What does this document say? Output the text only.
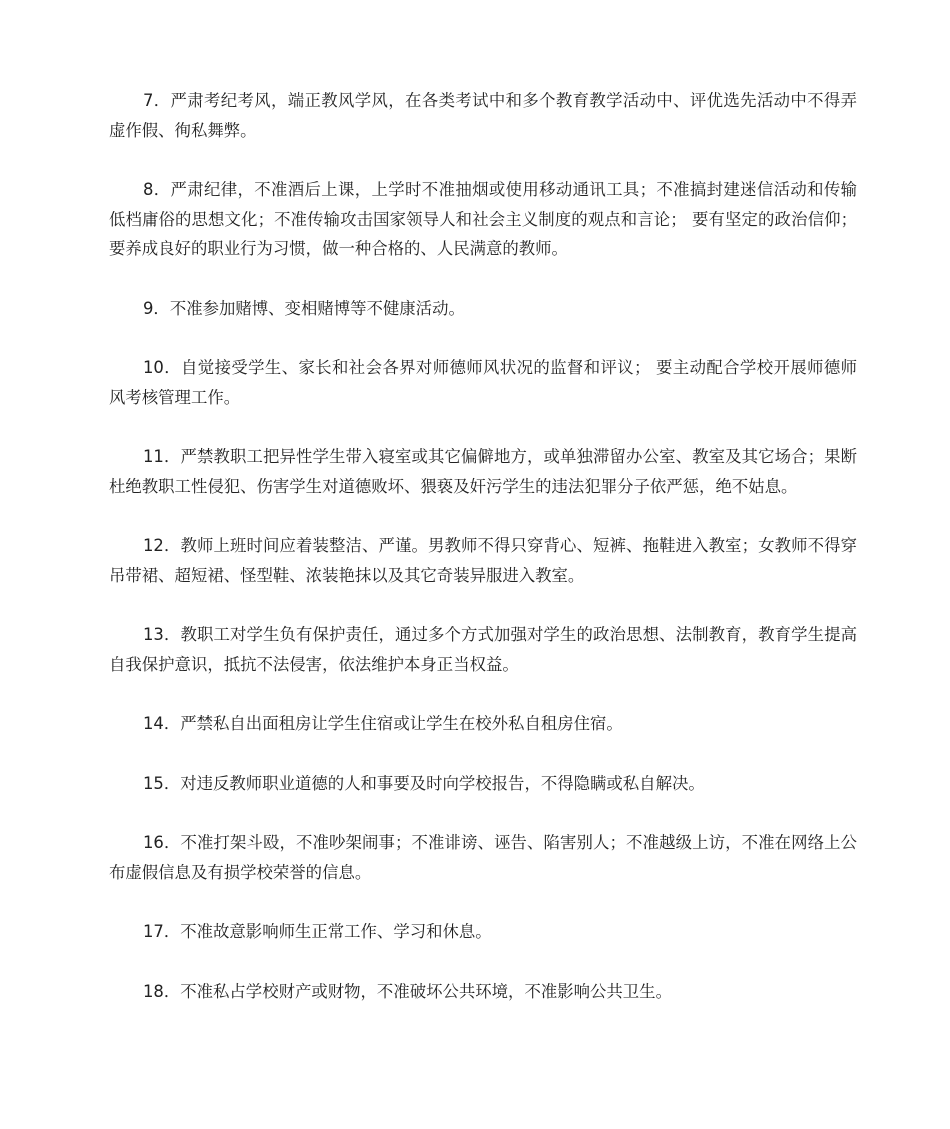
7．严肃考纪考风，端正教风学风，在各类考试中和多个教育教学活动中、评优选先活动中不得弄虚作假、徇私舞弊。

8．严肃纪律，不准酒后上课，上学时不准抽烟或使用移动通讯工具；不准搞封建迷信活动和传输低档庸俗的思想文化；不准传输攻击国家领导人和社会主义制度的观点和言论； 要有坚定的政治信仰；要养成良好的职业行为习惯，做一种合格的、人民满意的教师。

9．不准参加赌博、变相赌博等不健康活动。

10．自觉接受学生、家长和社会各界对师德师风状况的监督和评议； 要主动配合学校开展师德师风考核管理工作。

11．严禁教职工把异性学生带入寝室或其它偏僻地方，或单独滞留办公室、教室及其它场合；果断杜绝教职工性侵犯、伤害学生对道德败坏、猥亵及奸污学生的违法犯罪分子依严惩，绝不姑息。

12．教师上班时间应着装整洁、严谨。男教师不得只穿背心、短裤、拖鞋进入教室；女教师不得穿吊带裙、超短裙、怪型鞋、浓装艳抹以及其它奇装异服进入教室。

13．教职工对学生负有保护责任，通过多个方式加强对学生的政治思想、法制教育，教育学生提高自我保护意识，抵抗不法侵害，依法维护本身正当权益。

14．严禁私自出面租房让学生住宿或让学生在校外私自租房住宿。

15．对违反教师职业道德的人和事要及时向学校报告，不得隐瞒或私自解决。

16．不准打架斗殴，不准吵架闹事；不准诽谤、诬告、陷害别人；不准越级上访，不准在网络上公布虚假信息及有损学校荣誉的信息。

17．不准故意影响师生正常工作、学习和休息。

18．不准私占学校财产或财物，不准破坏公共环境，不准影响公共卫生。
